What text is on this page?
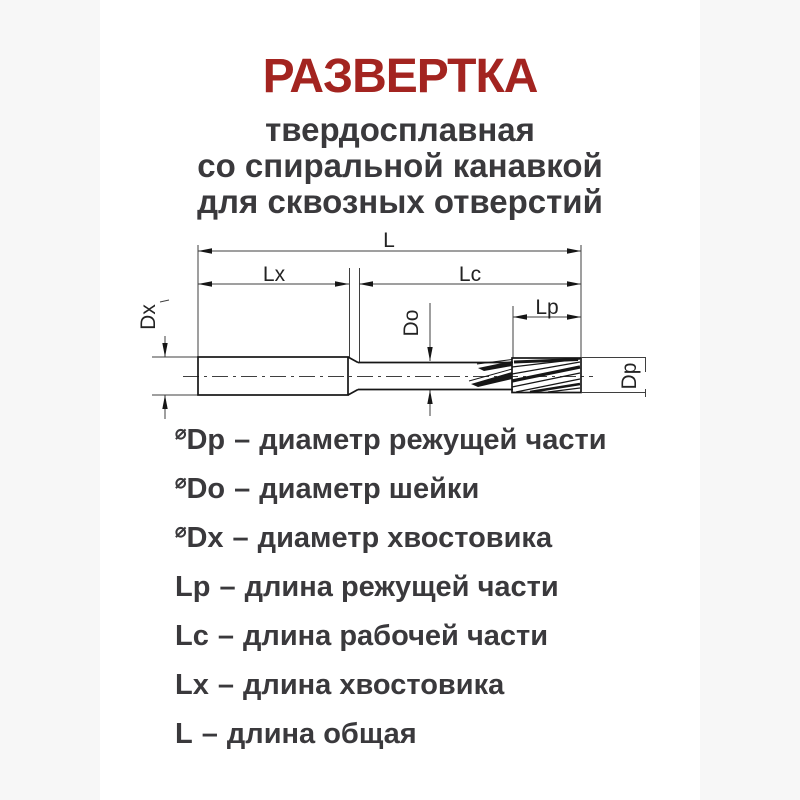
РАЗВЕРТКА
твердосплавная
со спиральной канавкой
для сквозных отверстий
L
Lx	Lc
Lp
Dx	Do
Dp
⌀ Dp – диаметр режущей части
⌀ Do – диаметр шейки
⌀ Dx – диаметр хвостовика
Lp – длина режущей части
Lc – длина рабочей части
Lx – длина хвостовика
L – длина общая
